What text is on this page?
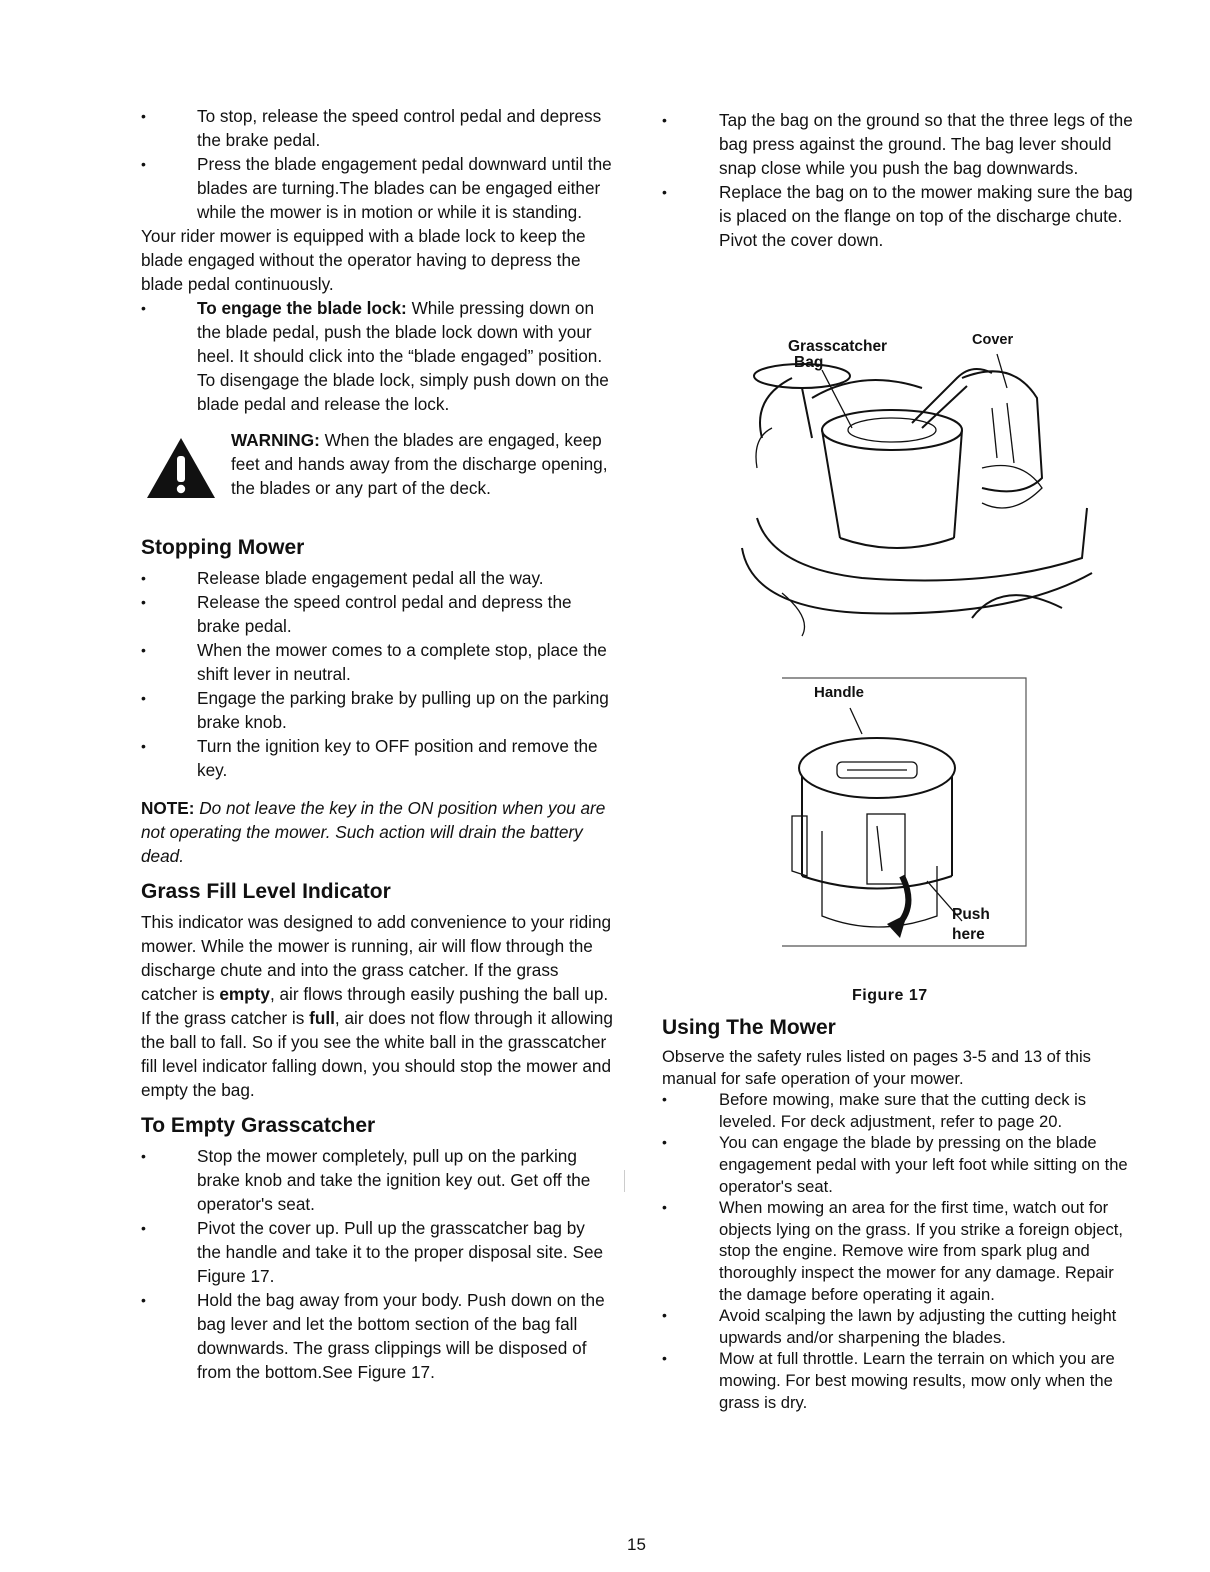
•	To stop, release the speed control pedal and depress the brake pedal.
•	Press the blade engagement pedal downward until the blades are turning.The blades can be engaged either while the mower is in motion or while it is standing.

Your rider mower is equipped with a blade lock to keep the blade engaged without the operator having to depress the blade pedal continuously.

•	To engage the blade lock: While pressing down on the blade pedal, push the blade lock down with your heel. It should click into the “blade engaged” position. To disengage the blade lock, simply push down on the blade pedal and release the lock.
WARNING: When the blades are engaged, keep feet and hands away from the discharge opening, the blades or any part of the deck.
Stopping Mower
•	Release blade engagement pedal all the way.
•	Release the speed control pedal and depress the brake pedal.
•	When the mower comes to a complete stop, place the shift lever in neutral.
•	Engage the parking brake by pulling up on the parking brake knob.
•	Turn the ignition key to OFF position and remove the key.

NOTE: Do not leave the key in the ON position when you are not operating the mower. Such action will drain the battery dead.

Grass Fill Level Indicator

This indicator was designed to add convenience to your riding mower. While the mower is running, air will flow through the discharge chute and into the grass catcher. If the grass catcher is empty, air flows through easily pushing the ball up. If the grass catcher is full, air does not flow through it allowing the ball to fall. So if you see the white ball in the grasscatcher fill level indicator falling down, you should stop the mower and empty the bag.

To Empty Grasscatcher
•	Stop the mower completely, pull up on the parking brake knob and take the ignition key out. Get off the operator's seat.
•	Pivot the cover up. Pull up the grasscatcher bag by the handle and take it to the proper disposal site. See Figure 17.
•	Hold the bag away from your body. Push down on the bag lever and let the bottom section of the bag fall downwards. The grass clippings will be disposed of from the bottom.See Figure 17.
•	Tap the bag on the ground so that the three legs of the bag press against the ground. The bag lever should snap close while you push the bag downwards.
•	Replace the bag on to the mower making sure the bag is placed on the flange on top of the discharge chute. Pivot the cover down.
Grasscatcher
Bag
Cover
Handle
Push
here
Figure 17
Using The Mower

Observe the safety rules listed on pages 3-5 and 13 of this manual for safe operation of your mower.

•	Before mowing, make sure that the cutting deck is leveled. For deck adjustment, refer to page 20.
•	You can engage the blade by pressing on the blade engagement pedal with your left foot while sitting on the operator's seat.
•	When mowing an area for the first time, watch out for objects lying on the grass. If you strike a foreign object, stop the engine. Remove wire from spark plug and thoroughly inspect the mower for any damage. Repair the damage before operating it again.
•	Avoid scalping the lawn by adjusting the cutting height upwards and/or sharpening the blades.
•	Mow at full throttle. Learn the terrain on which you are mowing. For best mowing results, mow only when the grass is dry.
15
